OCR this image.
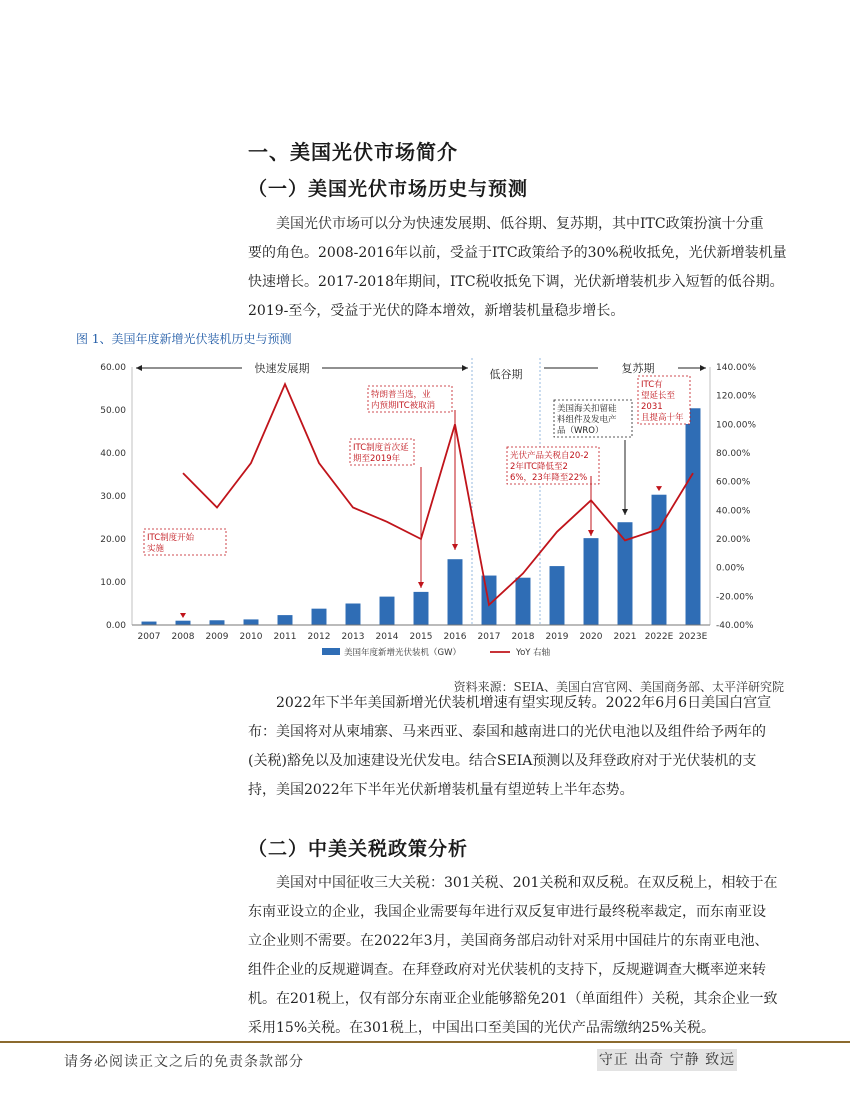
一、美国光伏市场简介
（一）美国光伏市场历史与预测
美国光伏市场可以分为快速发展期、低谷期、复苏期，其中ITC政策扮演十分重
要的角色。2008-2016年以前，受益于ITC政策给予的30%税收抵免，光伏新增装机量
快速增长。2017-2018年期间，ITC税收抵免下调，光伏新增装机步入短暂的低谷期。
2019-至今，受益于光伏的降本增效，新增装机量稳步增长。
图 1、美国年度新增光伏装机历史与预测
快速发展期	低谷期	复苏期
0.00
10.00
20.00
30.00
40.00
50.00
60.00
-40.00%
-20.00%
0.00%
20.00%
40.00%
60.00%
80.00%
100.00%
120.00%
140.00%
2007 2008 2009 2010 2011 2012 2013 2014 2015 2016 2017 2018 2019 2020 2021 2022E 2023E
ITC制度开始
实施
ITC制度首次延
期至2019年
特朗普当选，业
内预期ITC被取消
光伏产品关税自20-2
2年ITC降低至2
6%，23年降至22%
美国海关扣留硅
料组件及发电产
品（WRO）
ITC有
望延长至
2031
且提高十年
美国年度新增光伏装机（GW）	YoY 右轴
资料来源：SEIA、美国白宫官网、美国商务部、太平洋研究院
2022年下半年美国新增光伏装机增速有望实现反转。2022年6月6日美国白宫宣
布：美国将对从柬埔寨、马来西亚、泰国和越南进口的光伏电池以及组件给予两年的
(关税)豁免以及加速建设光伏发电。结合SEIA预测以及拜登政府对于光伏装机的支
持，美国2022年下半年光伏新增装机量有望逆转上半年态势。
（二）中美关税政策分析
美国对中国征收三大关税：301关税、201关税和双反税。在双反税上，相较于在
东南亚设立的企业，我国企业需要每年进行双反复审进行最终税率裁定，而东南亚设
立企业则不需要。在2022年3月，美国商务部启动针对采用中国硅片的东南亚电池、
组件企业的反规避调查。在拜登政府对光伏装机的支持下，反规避调查大概率逆来转
机。在201税上，仅有部分东南亚企业能够豁免201（单面组件）关税，其余企业一致
采用15%关税。在301税上，中国出口至美国的光伏产品需缴纳25%关税。
请务必阅读正文之后的免责条款部分	守正 出奇 宁静 致远
